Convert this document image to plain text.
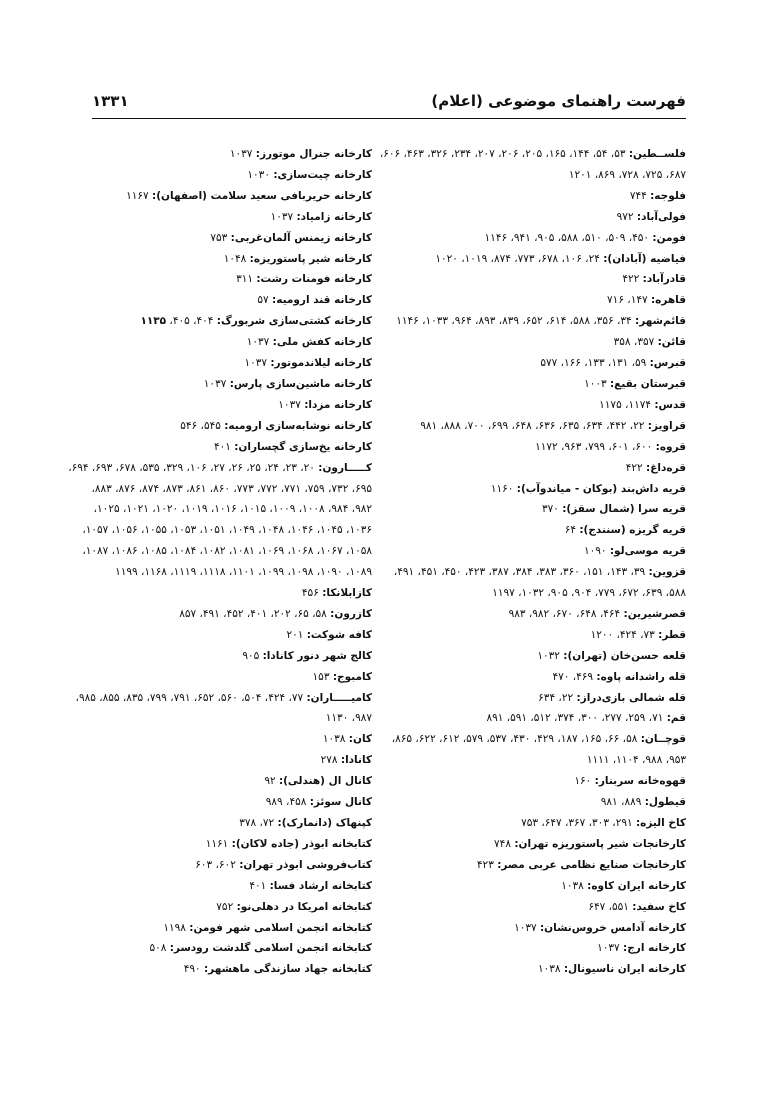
فهرست راهنمای موضوعی (اعلام)
۱۳۳۱
فلســطین: ۵۳، ۵۴، ۱۴۴، ۱۶۵، ۲۰۵، ۲۰۶، ۲۰۷، ۲۳۴، ۳۲۶، ۴۶۳، ۶۰۶،
۶۸۷، ۷۲۵، ۷۲۸، ۸۶۹، ۱۲۰۱
فلوجه: ۷۴۴
فولی‌آباد: ۹۷۲
فومن: ۴۵۰، ۵۰۹، ۵۱۰، ۵۸۸، ۹۰۵، ۹۴۱، ۱۱۴۶
فیاضیه (آبادان): ۲۴، ۱۰۶، ۶۷۸، ۷۷۳، ۸۷۴، ۱۰۱۹، ۱۰۲۰
قادرآباد: ۴۲۲
قاهره: ۱۴۷، ۷۱۶
قائم‌شهر: ۳۴، ۳۵۶، ۵۸۸، ۶۱۴، ۶۵۲، ۸۳۹، ۸۹۳، ۹۶۴، ۱۰۳۳، ۱۱۴۶
قائن: ۳۵۷، ۳۵۸
قبرس: ۵۹، ۱۳۱، ۱۳۳، ۱۶۶، ۵۷۷
قبرستان بقیع: ۱۰۰۳
قدس: ۱۱۷۴، ۱۱۷۵
قراویز: ۲۲، ۴۴۲، ۶۳۴، ۶۳۵، ۶۳۶، ۶۴۸، ۶۹۹، ۷۰۰، ۸۸۸، ۹۸۱
قروه: ۶۰۰، ۶۰۱، ۷۹۹، ۹۶۳، ۱۱۷۲
قره‌داغ: ۴۲۲
قریه داش‌بند (بوکان - میاندوآب): ۱۱۶۰
قریه سرا (شمال سقز): ۳۷۰
قریه گریزه (سنندج): ۶۴
قریه موسی‌لو: ۱۰۹۰
قزوین: ۳۹، ۱۴۳، ۱۵۱، ۳۶۰، ۳۸۳، ۳۸۴، ۳۸۷، ۴۲۳، ۴۵۰، ۴۵۱، ۴۹۱،
۵۸۸، ۶۳۹، ۶۷۲، ۷۷۹، ۹۰۴، ۹۰۵، ۱۰۳۲، ۱۱۹۷
قصرشیرین: ۴۶۴، ۶۴۸، ۶۷۰، ۹۸۲، ۹۸۳
قطر: ۷۳، ۴۲۴، ۱۲۰۰
قلعه حسن‌خان (تهران): ۱۰۳۲
قله راشدانه پاوه: ۴۶۹، ۴۷۰
قله شمالی بازی‌دراز: ۲۲، ۶۳۴
قم: ۷۱، ۲۵۹، ۲۷۷، ۳۰۰، ۳۷۴، ۵۱۲، ۵۹۱، ۸۹۱
قوچــان: ۵۸، ۶۶، ۱۶۵، ۱۸۷، ۴۲۹، ۴۳۰، ۵۳۷، ۵۷۹، ۶۱۲، ۶۲۲، ۸۶۵،
۹۵۳، ۹۸۸، ۱۱۰۴، ۱۱۱۱
قهوه‌خانه سربنار: ۱۶۰
قیطول: ۸۸۹، ۹۸۱
کاخ الیزه: ۲۹۱، ۳۰۳، ۳۶۷، ۶۴۷، ۷۵۳
کارخانجات شیر پاستوریزه تهران: ۷۴۸
کارخانجات صنایع نظامی عربی مصر: ۴۲۳
کارخانه ایران کاوه: ۱۰۳۸
کاخ سفید: ۵۵۱، ۶۴۷
کارخانه آدامس خروس‌نشان: ۱۰۳۷
کارخانه ارج: ۱۰۳۷
کارخانه ایران ناسیونال: ۱۰۳۸
کارخانه جنرال موتورز: ۱۰۳۷
کارخانه چیت‌سازی: ۱۰۳۰
کارخانه حریربافی سعید سلامت (اصفهان): ۱۱۶۷
کارخانه زامیاد: ۱۰۳۷
کارخانه زیمنس آلمان‌غربی: ۷۵۳
کارخانه شیر پاستوریزه: ۱۰۴۸
کارخانه فومنات رشت: ۳۱۱
کارخانه قند ارومیه: ۵۷
کارخانه کشتی‌سازی شربورگ: ۴۰۴، ۴۰۵، ۱۱۳۵
کارخانه کفش ملی: ۱۰۳۷
کارخانه لیلاندموتور: ۱۰۳۷
کارخانه ماشین‌سازی پارس: ۱۰۳۷
کارخانه مزدا: ۱۰۳۷
کارخانه نوشابه‌سازی ارومیه: ۵۴۵، ۵۴۶
کارخانه یخ‌سازی گچساران: ۴۰۱
کـــــارون: ۲۰، ۲۳، ۲۴، ۲۵، ۲۶، ۲۷، ۱۰۶، ۳۲۹، ۵۳۵، ۶۷۸، ۶۹۳، ۶۹۴،
۶۹۵، ۷۳۲، ۷۵۹، ۷۷۱، ۷۷۲، ۷۷۳، ۸۶۰، ۸۶۱، ۸۷۳، ۸۷۴، ۸۷۶، ۸۸۳،
۹۸۲، ۹۸۴، ۱۰۰۸، ۱۰۰۹، ۱۰۱۵، ۱۰۱۶، ۱۰۱۹، ۱۰۲۰، ۱۰۲۱، ۱۰۲۵،
۱۰۳۶، ۱۰۴۵، ۱۰۴۶، ۱۰۴۸، ۱۰۴۹، ۱۰۵۱، ۱۰۵۳، ۱۰۵۵، ۱۰۵۶، ۱۰۵۷،
۱۰۵۸، ۱۰۶۷، ۱۰۶۸، ۱۰۶۹، ۱۰۸۱، ۱۰۸۲، ۱۰۸۴، ۱۰۸۵، ۱۰۸۶، ۱۰۸۷،
۱۰۸۹، ۱۰۹۰، ۱۰۹۸، ۱۰۹۹، ۱۱۰۱، ۱۱۱۸، ۱۱۱۹، ۱۱۶۸، ۱۱۹۹
کازابلانکا: ۴۵۶
کازرون: ۵۸، ۶۵، ۲۰۲، ۴۰۱، ۴۵۲، ۴۹۱، ۸۵۷
کافه شوکت: ۲۰۱
کالج شهر دنور کانادا: ۹۰۵
کامبوج: ۱۵۳
کامیـــــاران: ۷۷، ۴۲۴، ۵۰۴، ۵۶۰، ۶۵۲، ۷۹۱، ۷۹۹، ۸۳۵، ۸۵۵، ۹۸۵،
۹۸۷، ۱۱۳۰
کان: ۱۰۳۸
کانادا: ۲۷۸
کانال ال (هندلی): ۹۲
کانال سوئز: ۴۵۸، ۹۸۹
کپنهاک (دانمارک): ۷۲، ۳۷۸
کتابخانه ابوذر (جاده لاکان): ۱۱۶۱
کتاب‌فروشی ابوذر تهران: ۶۰۲، ۶۰۳
کتابخانه ارشاد فسا: ۴۰۱
کتابخانه امریکا در دهلی‌نو: ۷۵۲
کتابخانه انجمن اسلامی شهر فومن: ۱۱۹۸
کتابخانه انجمن اسلامی گلدشت رودسر: ۵۰۸
کتابخانه جهاد سازندگی ماهشهر: ۴۹۰
